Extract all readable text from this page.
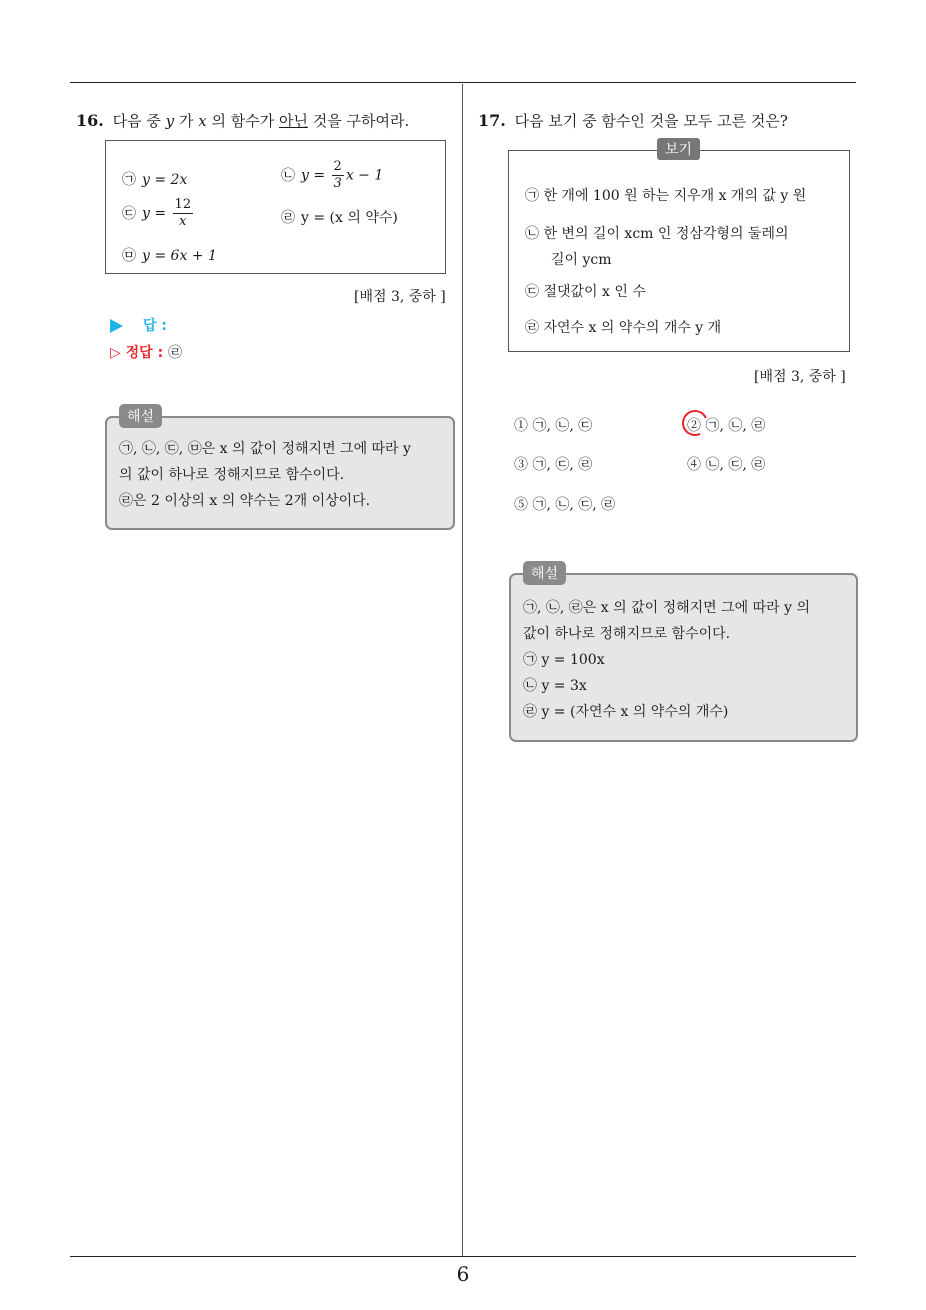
6
16. 다음 중 y 가 x 의 함수가 아닌 것을 구하여라.
㉠ y = 2x	㉡ $y = \frac{2}{3}$ x − 1
㉢ $y = \frac{12}{x}$	㉣ y = (x 의 약수)
㉤ y = 6x + 1
[배점 3, 중하 ]
답 :
▷ 정답 : ㉣
㉠, ㉡, ㉢, ㉤은 x 의 값이 정해지면 그에 따라 y
의 값이 하나로 정해지므로 함수이다.
㉣은 2 이상의 x 의 약수는 2개 이상이다.
해설
17. 다음 보기 중 함수인 것을 모두 고른 것은?
㉠ 한 개에 100 원 하는 지우개 x 개의 값 y 원
㉡ 한 변의 길이 xcm 인 정삼각형의 둘레의
길이 ycm
㉢ 절댓값이 x 인 수
㉣ 자연수 x 의 약수의 개수 y 개
보기
[배점 3, 중하 ]
① ㉠, ㉡, ㉢	② ㉠, ㉡, ㉣
③ ㉠, ㉢, ㉣	④ ㉡, ㉢, ㉣
⑤ ㉠, ㉡, ㉢, ㉣
㉠, ㉡, ㉣은 x 의 값이 정해지면 그에 따라 y 의
값이 하나로 정해지므로 함수이다.
㉠ y = 100x
㉡ y = 3x
㉣ y = (자연수 x 의 약수의 개수)
해설
